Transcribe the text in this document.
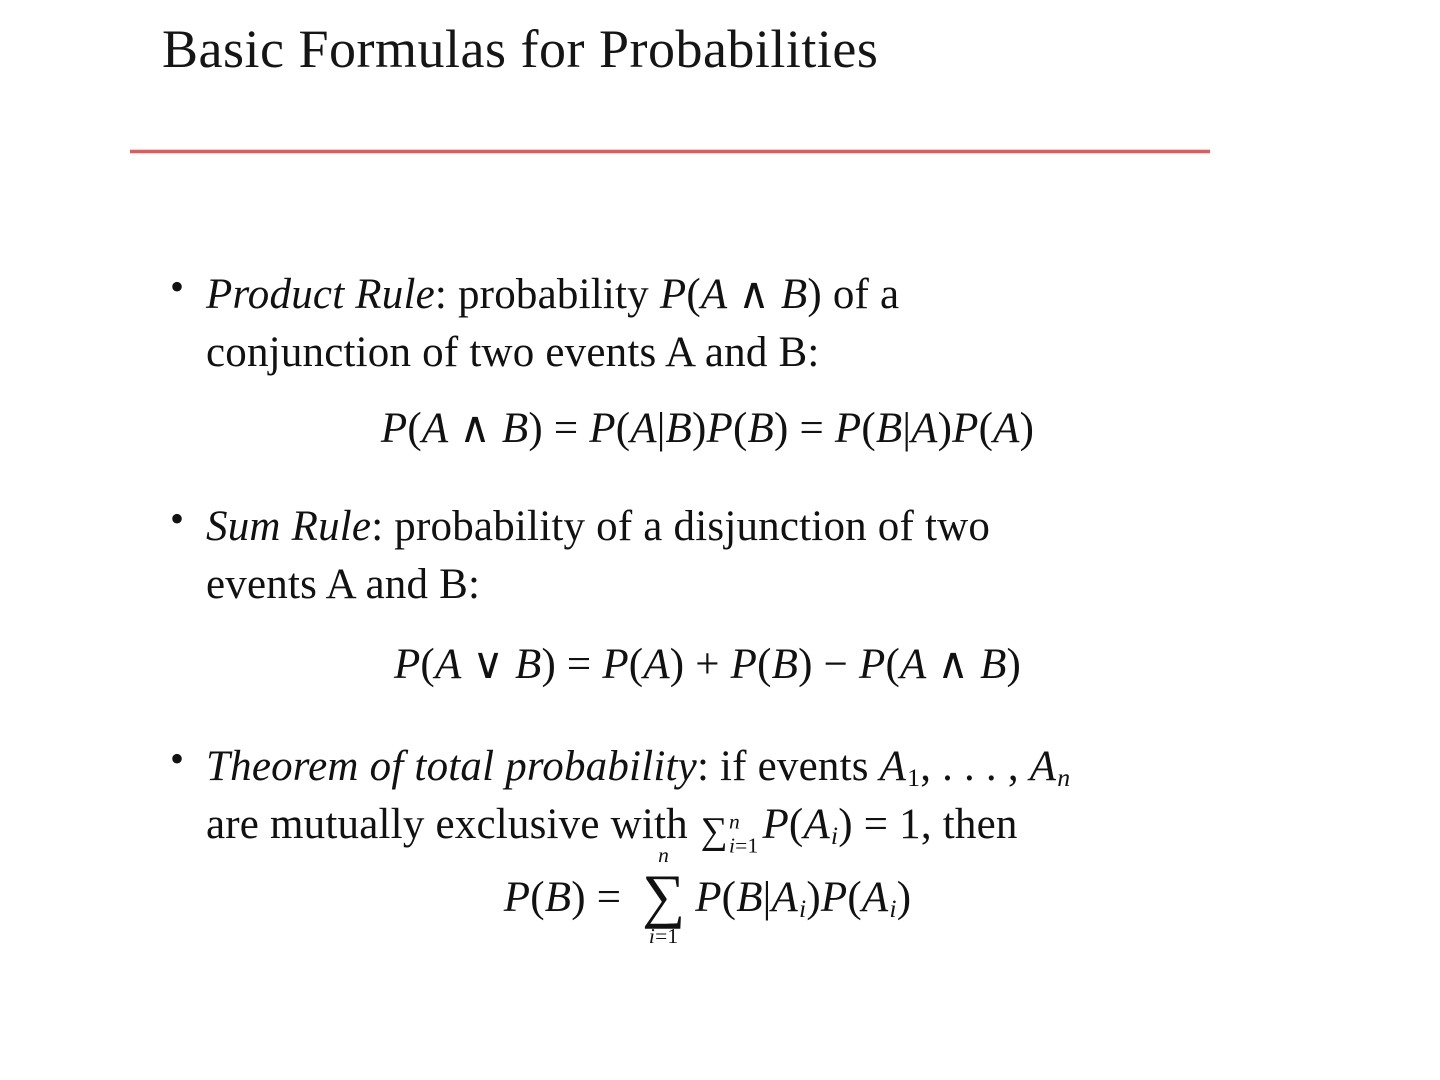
Basic Formulas for Probabilities
• Product Rule: probability P(A ∧ B) of a
conjunction of two events A and B:
P(A ∧ B) = P(A|B)P(B) = P(B|A)P(A)
• Sum Rule: probability of a disjunction of two
events A and B:
P(A ∨ B) = P(A) + P(B) − P(A ∧ B)
• Theorem of total probability: if events $A_1$, . . . , $A_n$
are mutually exclusive with ∑ n
i=1 $P(A_i) = 1$, then
P(B) =
n
∑
i=1
$P(B|A_i)P(A_i)$
